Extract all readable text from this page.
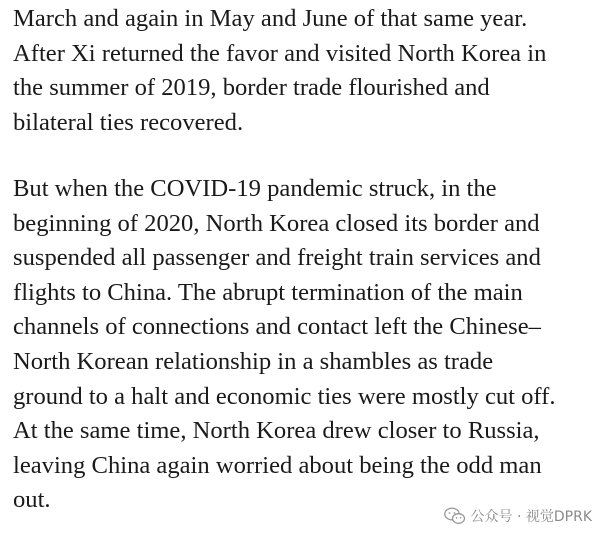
March and again in May and June of that same year.
After Xi returned the favor and visited North Korea in
the summer of 2019, border trade flourished and
bilateral ties recovered.
But when the COVID-19 pandemic struck, in the
beginning of 2020, North Korea closed its border and
suspended all passenger and freight train services and
flights to China. The abrupt termination of the main
channels of connections and contact left the Chinese–
North Korean relationship in a shambles as trade
ground to a halt and economic ties were mostly cut off.
At the same time, North Korea drew closer to Russia,
leaving China again worried about being the odd man
out.
公众号 · 视觉DPRK
